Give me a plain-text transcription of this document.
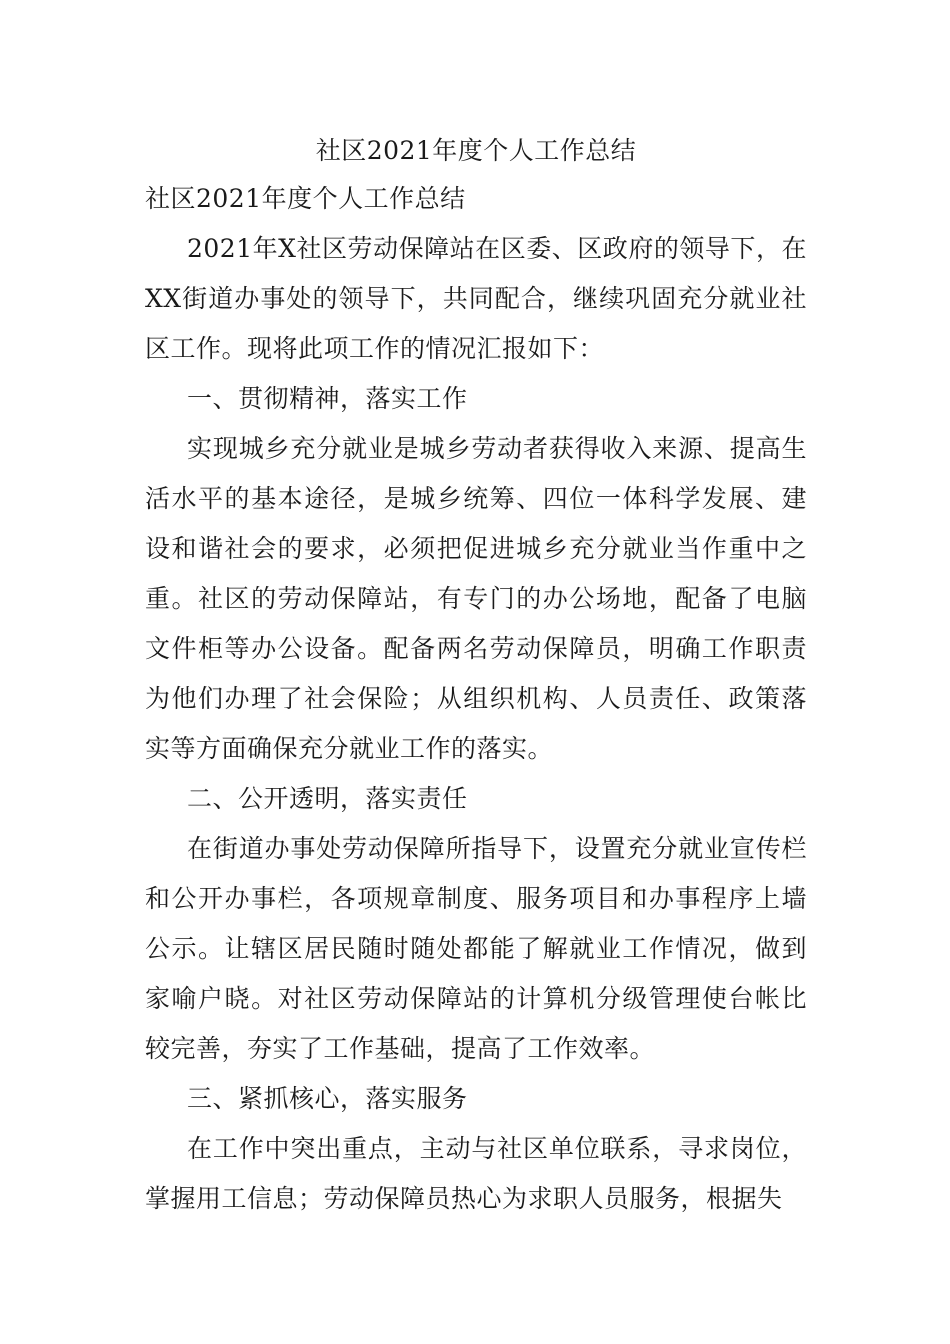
社区2021年度个人工作总结

社区2021年度个人工作总结

2021年X社区劳动保障站在区委、区政府的领导下，在XX街道办事处的领导下，共同配合，继续巩固充分就业社区工作。现将此项工作的情况汇报如下：

一、贯彻精神，落实工作

实现城乡充分就业是城乡劳动者获得收入来源、提高生活水平的基本途径，是城乡统筹、四位一体科学发展、建设和谐社会的要求，必须把促进城乡充分就业当作重中之重。社区的劳动保障站，有专门的办公场地，配备了电脑文件柜等办公设备。配备两名劳动保障员，明确工作职责为他们办理了社会保险；从组织机构、人员责任、政策落实等方面确保充分就业工作的落实。

二、公开透明，落实责任

在街道办事处劳动保障所指导下，设置充分就业宣传栏和公开办事栏，各项规章制度、服务项目和办事程序上墙公示。让辖区居民随时随处都能了解就业工作情况，做到家喻户晓。对社区劳动保障站的计算机分级管理使台帐比较完善，夯实了工作基础，提高了工作效率。

三、紧抓核心，落实服务

在工作中突出重点，主动与社区单位联系，寻求岗位，掌握用工信息；劳动保障员热心为求职人员服务，根据失
